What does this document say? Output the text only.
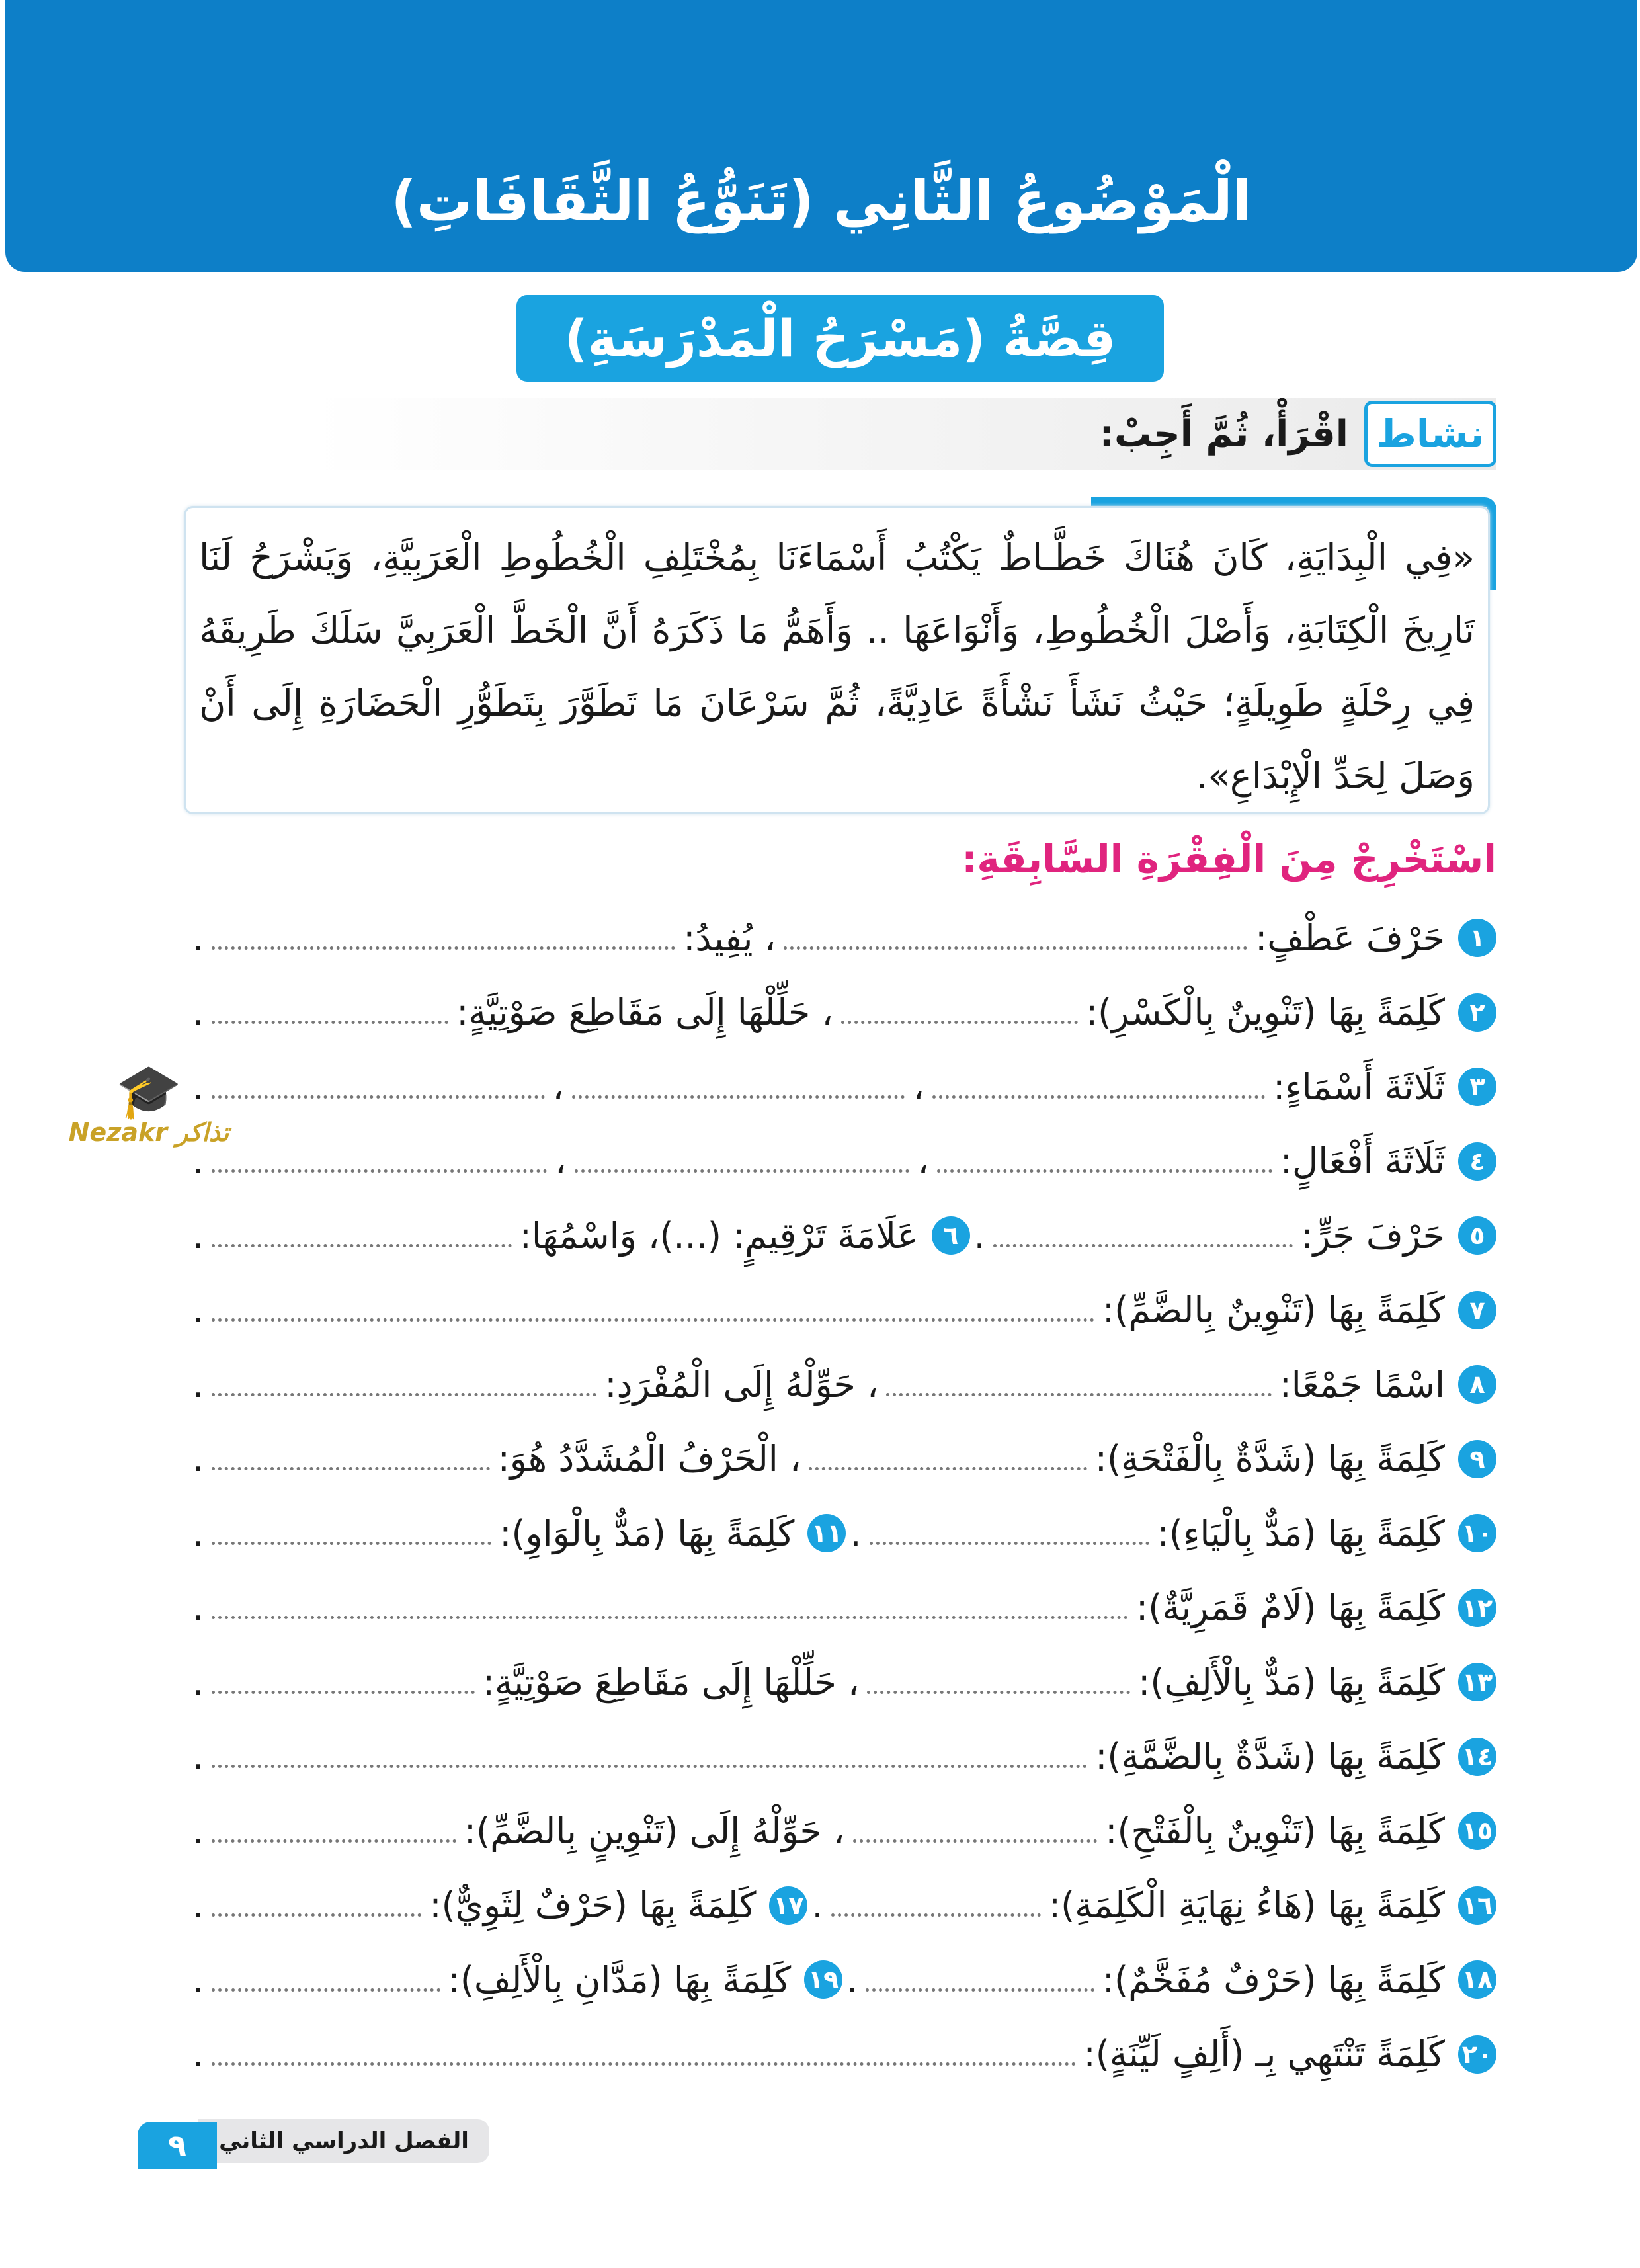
الْمَوْضُوعُ الثَّانِي (تَنَوُّعُ الثَّقَافَاتِ)
قِصَّةُ (مَسْرَحُ الْمَدْرَسَةِ)
نشاط
اقْرَأْ، ثُمَّ أَجِبْ:
«فِي الْبِدَايَةِ، كَانَ هُنَاكَ خَطَّـاطٌ يَكْتُبُ أَسْمَاءَنَا بِمُخْتَلِفِ الْخُطُوطِ الْعَرَبِيَّةِ، وَيَشْرَحُ لَنَا تَارِيخَ الْكِتَابَةِ، وَأَصْلَ الْخُطُوطِ، وَأَنْوَاعَهَا .. وَأَهَمُّ مَا ذَكَرَهُ أَنَّ الْخَطَّ الْعَرَبِيَّ سَلَكَ طَرِيقَهُ فِي رِحْلَةٍ طَوِيلَةٍ؛ حَيْثُ نَشَأَ نَشْأَةً عَادِيَّةً، ثُمَّ سَرْعَانَ مَا تَطَوَّرَ بِتَطَوُّرِ الْحَضَارَةِ إِلَى أَنْ وَصَلَ لِحَدِّ الْإِبْدَاعِ».
اسْتَخْرِجْ مِنَ الْفِقْرَةِ السَّابِقَةِ:
🎓
Nezakr تذاكر
١
حَرْفَ عَطْفٍ:
، يُفِيدُ:
.
٢
كَلِمَةً بِهَا (تَنْوِينٌ بِالْكَسْرِ):
، حَلِّلْهَا إِلَى مَقَاطِعَ صَوْتِيَّةٍ:
.
٣
ثَلَاثَةَ أَسْمَاءٍ:
،
،
.
٤
ثَلَاثَةَ أَفْعَالٍ:
،
،
.
٥
حَرْفَ جَرٍّ:
.
٦
عَلَامَةَ تَرْقِيمٍ: (...)، وَاسْمُهَا:
.
٧
كَلِمَةً بِهَا (تَنْوِينٌ بِالضَّمِّ):
.
٨
اسْمًا جَمْعًا:
، حَوِّلْهُ إِلَى الْمُفْرَدِ:
.
٩
كَلِمَةً بِهَا (شَدَّةٌ بِالْفَتْحَةِ):
، الْحَرْفُ الْمُشَدَّدُ هُوَ:
.
١٠
كَلِمَةً بِهَا (مَدٌّ بِالْيَاءِ):
.
١١
كَلِمَةً بِهَا (مَدٌّ بِالْوَاوِ):
.
١٢
كَلِمَةً بِهَا (لَامٌ قَمَرِيَّةٌ):
.
١٣
كَلِمَةً بِهَا (مَدٌّ بِالْأَلِفِ):
، حَلِّلْهَا إِلَى مَقَاطِعَ صَوْتِيَّةٍ:
.
١٤
كَلِمَةً بِهَا (شَدَّةٌ بِالضَّمَّةِ):
.
١٥
كَلِمَةً بِهَا (تَنْوِينٌ بِالْفَتْحِ):
، حَوِّلْهُ إِلَى (تَنْوِينٍ بِالضَّمِّ):
.
١٦
كَلِمَةً بِهَا (هَاءُ نِهَايَةِ الْكَلِمَةِ):
.
١٧
كَلِمَةً بِهَا (حَرْفٌ لِثَوِيٌّ):
.
١٨
كَلِمَةً بِهَا (حَرْفٌ مُفَخَّمٌ):
.
١٩
كَلِمَةً بِهَا (مَدَّانِ بِالْأَلِفِ):
.
٢٠
كَلِمَةً تَنْتَهِي بِـ (أَلِفٍ لَيِّنَةٍ):
.
الفصل الدراسي الثاني
٩
